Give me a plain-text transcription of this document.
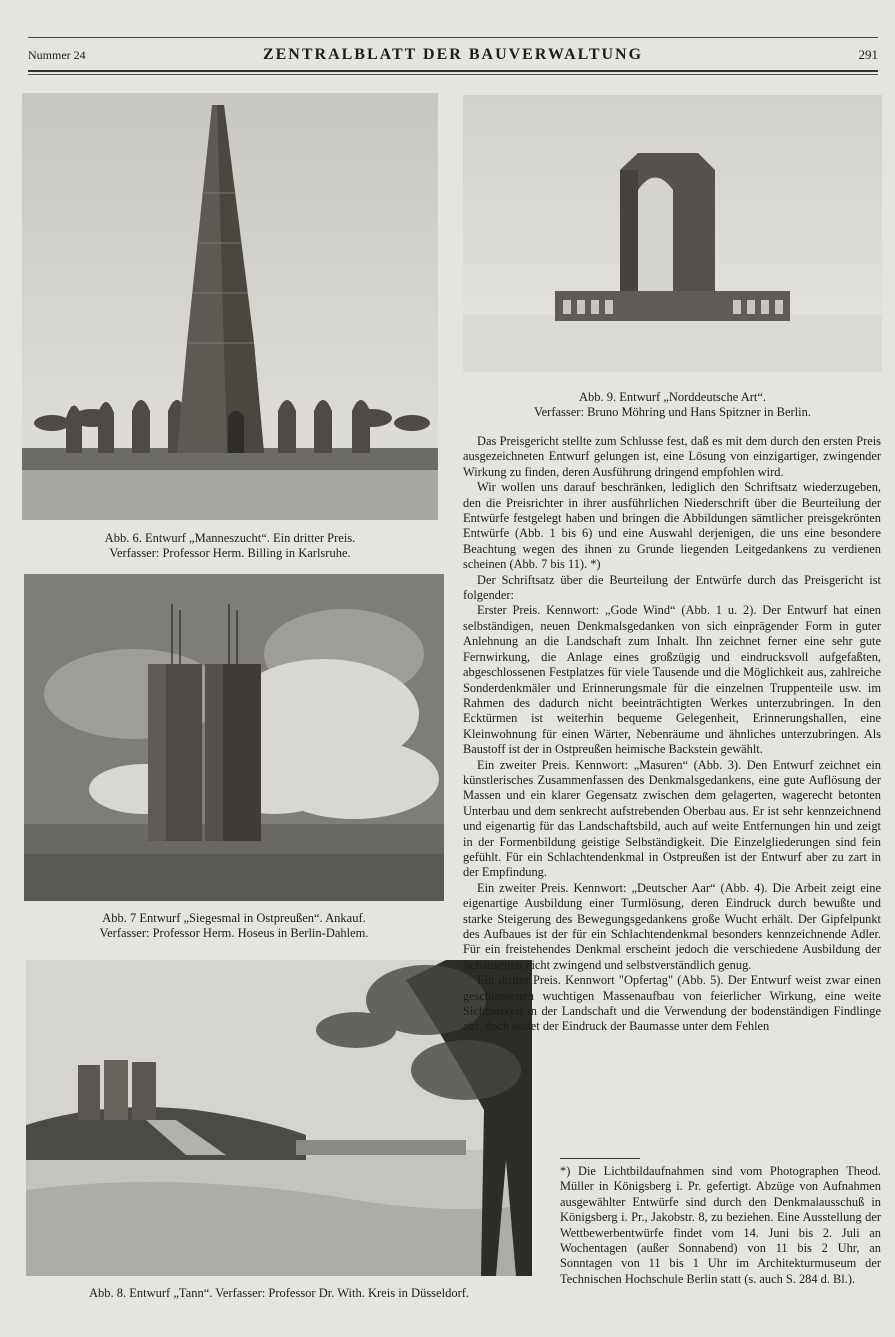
Nummer 24	ZENTRALBLATT DER BAUVERWALTUNG	291
Abb. 6. Entwurf „Manneszucht“. Ein dritter Preis.
Verfasser: Professor Herm. Billing in Karlsruhe.
Abb. 7 Entwurf „Siegesmal in Ostpreußen“. Ankauf.
Verfasser: Professor Herm. Hoseus in Berlin-Dahlem.
Abb. 8. Entwurf „Tann“. Verfasser: Professor Dr. With. Kreis in Düsseldorf.
Abb. 9. Entwurf „Norddeutsche Art“.
Verfasser: Bruno Möhring und Hans Spitzner in Berlin.

Das Preisgericht stellte zum Schlusse fest, daß es mit dem durch den ersten Preis ausgezeichneten Entwurf gelungen ist, eine Lösung von einzigartiger, zwingender Wirkung zu finden, deren Ausführung dringend empfohlen wird.

Wir wollen uns darauf beschränken, lediglich den Schriftsatz wiederzugeben, den die Preisrichter in ihrer ausführlichen Niederschrift über die Beurteilung der Entwürfe festgelegt haben und bringen die Abbildungen sämtlicher preisgekrönten Entwürfe (Abb. 1 bis 6) und eine Auswahl derjenigen, die uns eine besondere Beachtung wegen des ihnen zu Grunde liegenden Leitgedankens zu verdienen scheinen (Abb. 7 bis 11). *)

Der Schriftsatz über die Beurteilung der Entwürfe durch das Preisgericht ist folgender:

Erster Preis. Kennwort: „Gode Wind“ (Abb. 1 u. 2). Der Entwurf hat einen selbständigen, neuen Denkmalsgedanken von sich einprägender Form in guter Anlehnung an die Landschaft zum Inhalt. Ihn zeichnet ferner eine sehr gute Fernwirkung, die Anlage eines großzügig und eindrucksvoll aufgefaßten, abgeschlossenen Festplatzes für viele Tausende und die Möglichkeit aus, zahlreiche Sonderdenkmäler und Erinnerungsmale für die einzelnen Truppenteile usw. im Rahmen des dadurch nicht beeinträchtigten Werkes unterzubringen. In den Ecktürmen ist weiterhin bequeme Gelegenheit, Erinnerungshallen, eine Kleinwohnung für einen Wärter, Nebenräume und ähnliches unterzubringen. Als Baustoff ist der in Ostpreußen heimische Backstein gewählt.

Ein zweiter Preis. Kennwort: „Masuren“ (Abb. 3). Den Entwurf zeichnet ein künstlerisches Zusammenfassen des Denkmalsgedankens, eine gute Auflösung der Massen und ein klarer Gegensatz zwischen dem gelagerten, wagerecht betonten Unterbau und dem senkrecht aufstrebenden Oberbau aus. Er ist sehr kennzeichnend und eigenartig für das Landschaftsbild, auch auf weite Entfernungen hin und zeigt in der Formenbildung geistige Selbständigkeit. Die Einzelgliederungen sind fein gefühlt. Für ein Schlachtendenkmal in Ostpreußen ist der Entwurf aber zu zart in der Empfindung.

Ein zweiter Preis. Kennwort: „Deutscher Aar“ (Abb. 4). Die Arbeit zeigt eine eigenartige Ausbildung einer Turmlösung, deren Eindruck durch bewußte und starke Steigerung des Bewegungsgedankens große Wucht erhält. Der Gipfelpunkt des Aufbaues ist der für ein Schlachtendenkmal besonders kennzeichnende Adler. Für ein freistehendes Denkmal erscheint jedoch die verschiedene Ausbildung der Schauseiten nicht zwingend und selbstverständlich genug.

Ein dritter Preis. Kennwort "Opfertag" (Abb. 5). Der Entwurf weist zwar einen geschlossenen wuchtigen Massenaufbau von feierlicher Wirkung, eine weite Sichtbarkeit in der Landschaft und die Verwendung der bodenständigen Findlinge auf, doch leidet der Eindruck der Baumasse unter dem Fehlen

*) Die Lichtbildaufnahmen sind vom Photographen Theod. Müller in Königsberg i. Pr. gefertigt. Abzüge von Aufnahmen ausgewählter Entwürfe sind durch den Denkmalausschuß in Königsberg i. Pr., Jakobstr. 8, zu beziehen. Eine Ausstellung der Wettbewerbentwürfe findet vom 14. Juni bis 2. Juli an Wochentagen (außer Sonnabend) von 11 bis 2 Uhr, an Sonntagen von 11 bis 1 Uhr im Architekturmuseum der Technischen Hochschule Berlin statt (s. auch S. 284 d. Bl.).
